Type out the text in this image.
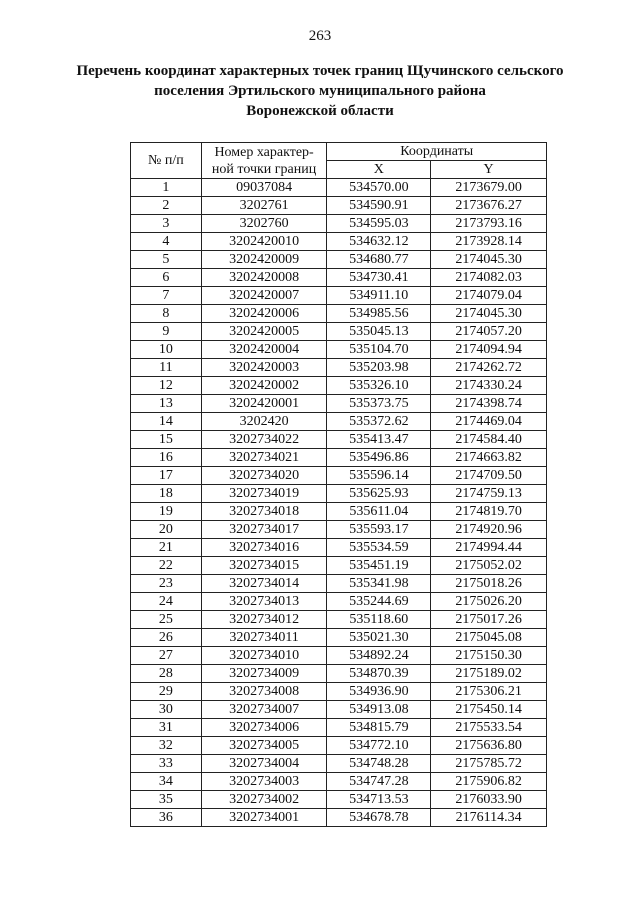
263
Перечень координат характерных точек границ Щучинского сельского
поселения Эртильского муниципального района
Воронежской области
№ п/п	Номер характер-
ной точки границ	Координаты	
		X	Y
1	09037084	534570.00	2173679.00
2	3202761	534590.91	2173676.27
3	3202760	534595.03	2173793.16
4	3202420010	534632.12	2173928.14
5	3202420009	534680.77	2174045.30
6	3202420008	534730.41	2174082.03
7	3202420007	534911.10	2174079.04
8	3202420006	534985.56	2174045.30
9	3202420005	535045.13	2174057.20
10	3202420004	535104.70	2174094.94
11	3202420003	535203.98	2174262.72
12	3202420002	535326.10	2174330.24
13	3202420001	535373.75	2174398.74
14	3202420	535372.62	2174469.04
15	3202734022	535413.47	2174584.40
16	3202734021	535496.86	2174663.82
17	3202734020	535596.14	2174709.50
18	3202734019	535625.93	2174759.13
19	3202734018	535611.04	2174819.70
20	3202734017	535593.17	2174920.96
21	3202734016	535534.59	2174994.44
22	3202734015	535451.19	2175052.02
23	3202734014	535341.98	2175018.26
24	3202734013	535244.69	2175026.20
25	3202734012	535118.60	2175017.26
26	3202734011	535021.30	2175045.08
27	3202734010	534892.24	2175150.30
28	3202734009	534870.39	2175189.02
29	3202734008	534936.90	2175306.21
30	3202734007	534913.08	2175450.14
31	3202734006	534815.79	2175533.54
32	3202734005	534772.10	2175636.80
33	3202734004	534748.28	2175785.72
34	3202734003	534747.28	2175906.82
35	3202734002	534713.53	2176033.90
36	3202734001	534678.78	2176114.34
